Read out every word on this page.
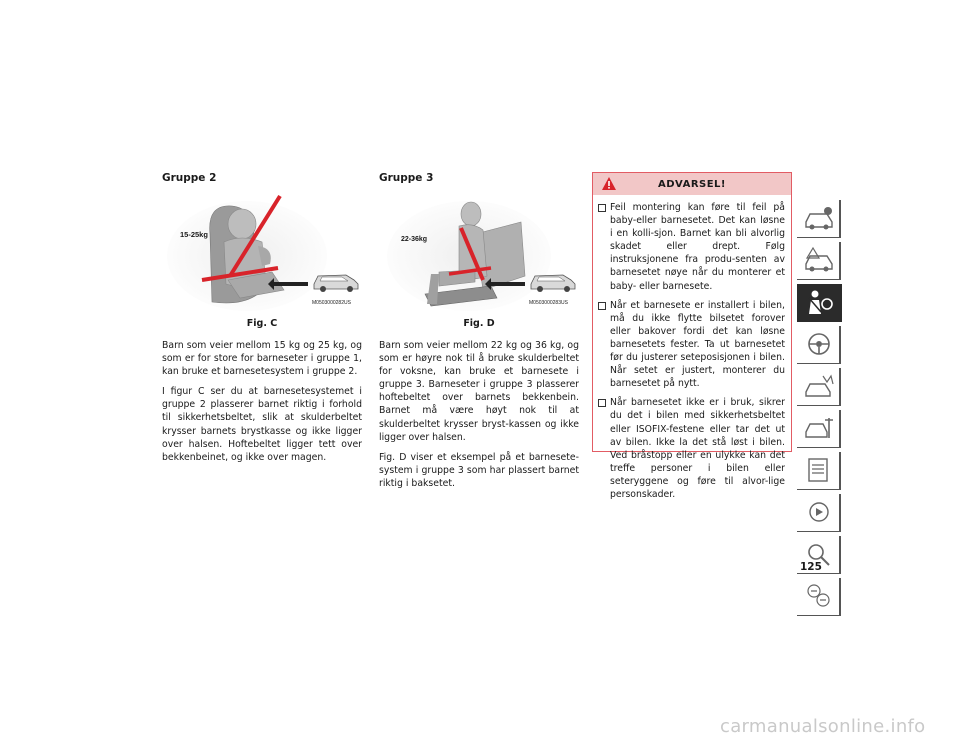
Gruppe 2
15-25kg
M0503000282US
Fig. C

Barn som veier mellom 15 kg og 25 kg, og som er for store for barneseter i gruppe 1, kan bruke et barnesetesystem i gruppe 2.

I figur C ser du at barnesetesystemet i gruppe 2 plasserer barnet riktig i forhold til sikkerhetsbeltet, slik at skulderbeltet krysser barnets brystkasse og ikke ligger over halsen. Hoftebeltet ligger tett over bekkenbeinet, og ikke over magen.

Gruppe 3
22-36kg
M0503000283US
Fig. D

Barn som veier mellom 22 kg og 36 kg, og som er høyre nok til å bruke skulderbeltet for voksne, kan bruke et barnesete i gruppe 3. Barneseter i gruppe 3 plasserer hoftebeltet over barnets bekkenbein. Barnet må være høyt nok til at skulderbeltet krysser bryst-kassen og ikke ligger over halsen.

Fig. D viser et eksempel på et barnesete-system i gruppe 3 som har plassert barnet riktig i baksetet.

ADVARSEL!
Feil montering kan føre til feil på baby-eller barnesetet. Det kan løsne i en kolli-sjon. Barnet kan bli alvorlig skadet eller drept. Følg instruksjonene fra produ-senten av barnesetet nøye når du monterer et baby- eller barnesete.
Når et barnesete er installert i bilen, må du ikke flytte bilsetet forover eller bakover fordi det kan løsne barnesetets fester. Ta ut barnesetet før du justerer seteposisjonen i bilen. Når setet er justert, monterer du barnesetet på nytt.
Når barnesetet ikke er i bruk, sikrer du det i bilen med sikkerhetsbeltet eller ISOFIX-festene eller tar det ut av bilen. Ikke la det stå løst i bilen. Ved bråstopp eller en ulykke kan det treffe personer i bilen eller seteryggene og føre til alvor-lige personskader.
125
carmanualsonline.info
